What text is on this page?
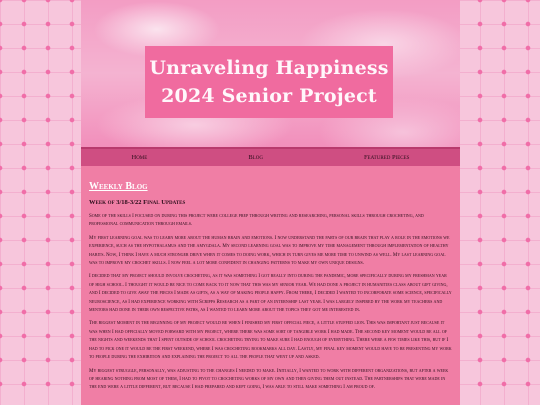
Unraveling Happiness
2024 Senior Project
Home	Blog	Featured Pieces
Weekly Blog
Week of 3/18-3/22 Final Updates

Some of the skills I focused on during this project were college prep through writing and researching, personal skills through crocheting, and professional communication through emails.

My first learning goal was to learn more about the human brain and emotions. I now understand the parts of our brain that play a role in the emotions we experience, such as the hypothalamus and the amygdala. My second learning goal was to improve my time management through implementation of healthy habits. Now, I think I have a much stronger drive when it comes to doing work, which in turn gives me more time to unwind as well. My last learning goal was to improve my crochet skills. I now feel a lot more confident in changing patterns to make my own unique designs.

I decided that my project should involve crocheting, as it was something I got really into during the pandemic, more specifically during my freshman year of high school. I thought it would be nice to come back to it now that this was my senior year. We had done a project in humanities class about gift giving, and I decided to give away the pieces I made as gifts, as a way of making people happy. From there, I decided I wanted to incorporate some science, specifically neuroscience, as I had experience working with Scripps Research as a part of an internship last year. I was largely inspired by the work my teachers and mentors had done in their own respective paths, as I wanted to learn more about the topics they got me interested in.

The biggest moment in the beginning of my project would be when I finished my first official piece, a little stuffed lion. This was important just because it was when I had officially moved forward with my project, where there was some sort of tangible work I had made. The second key moment would be all of the nights and weekends that I spent outside of school crocheting trying to make sure I had enough of everything. There were a few times like this, but if I had to pick one it would be the first weekend, where I was crocheting bookmarks all day. Lastly, my final key moment would have to be presenting my work to people during the exhibition and explaining the project to all the people that went up and asked.

My biggest struggle, personally, was adjusting to the changes I needed to make. Initially, I wanted to work with different organizations, but after a week of hearing nothing from most of them, I had to pivot to crocheting works of my own and then giving them out instead. The partnerships that were made in the end were a little different, but because I had prepared and kept going, I was able to still make something I am proud of.
